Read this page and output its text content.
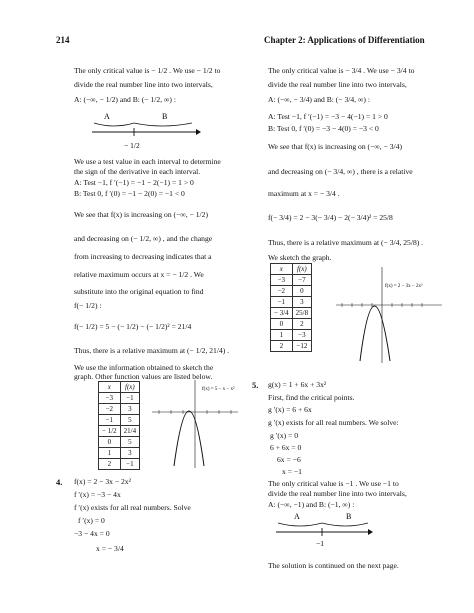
214	Chapter 2: Applications of Differentiation
The only critical value is − 1/2 . We use − 1/2 to
divide the real number line into two intervals,
A: (−∞, − 1/2) and B: (− 1/2, ∞) :
A	B
− 1/2
We use a test value in each interval to determine
the sign of the derivative in each interval.
A: Test −1, f ′(−1) = −1 − 2(−1) = 1 > 0
B: Test 0, f ′(0) = −1 − 2(0) = −1 < 0
We see that f(x) is increasing on (−∞, − 1/2)
and decreasing on (− 1/2, ∞) , and the change
from increasing to decreasing indicates that a
relative maximum occurs at x = − 1/2 . We
substitute into the original equation to find
f(− 1/2) :
f(− 1/2) = 5 − (− 1/2) − (− 1/2)² = 21/4
Thus, there is a relative maximum at (− 1/2, 21/4) .
We use the information obtained to sketch the
graph. Other function values are listed below.
x	f(x)
−3	−1
−2	3
−1	5
− 1/2	21/4
0	5
1	3
2	−1
f(x) = 5 − x − x²
4. f(x) = 2 − 3x − 2x²
f ′(x) = −3 − 4x
f ′(x) exists for all real numbers. Solve
f ′(x) = 0
−3 − 4x = 0
x = − 3/4
The only critical value is − 3/4 . We use − 3/4 to
divide the real number line into two intervals,
A: (−∞, − 3/4) and B: (− 3/4, ∞) :
A: Test −1, f ′(−1) = −3 − 4(−1) = 1 > 0
B: Test 0, f ′(0) = −3 − 4(0) = −3 < 0
We see that f(x) is increasing on (−∞, − 3/4)
and decreasing on (− 3/4, ∞) , there is a relative
maximum at x = − 3/4 .
f(− 3/4) = 2 − 3(− 3/4) − 2(− 3/4)² = 25/8
Thus, there is a relative maximum at (− 3/4, 25/8) .
We sketch the graph.
x	f(x)
−3	−7
−2	0
−1	3
− 3/4	25/8
0	2
1	−3
2	−12
f(x) = 2 − 3x − 2x²
5. g(x) = 1 + 6x + 3x²
First, find the critical points.
g ′(x) = 6 + 6x
g ′(x) exists for all real numbers. We solve:
g ′(x) = 0
6 + 6x = 0
6x = −6
x = −1
The only critical value is −1 . We use −1 to
divide the real number line into two intervals,
A: (−∞, −1) and B: (−1, ∞) :
A	B
−1
The solution is continued on the next page.
